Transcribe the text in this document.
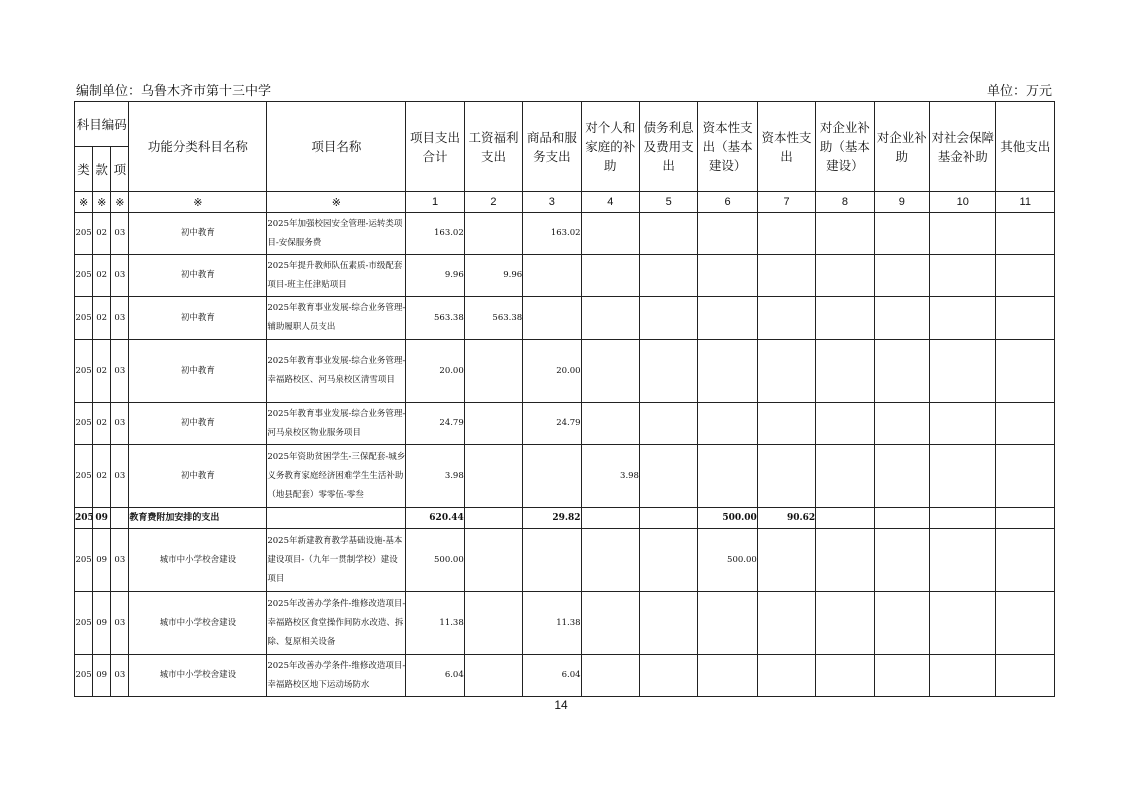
编制单位：乌鲁木齐市第十三中学	单位：万元
科目编码			功能分类科目名称	项目名称	项目支出合计	工资福利支出	商品和服务支出	对个人和家庭的补助	债务利息及费用支出	资本性支出（基本建设）	资本性支出	对企业补助（基本建设）	对企业补助	对社会保障基金补助	其他支出
类	款	项													
※	※	※	※	※	1	2	3	4	5	6	7	8	9	10	11
205	02	03	初中教育	2025年加强校园安全管理-运转类项目-安保服务费	163.02		163.02								
205	02	03	初中教育	2025年提升教师队伍素质-市级配套项目-班主任津贴项目	9.96	9.96									
205	02	03	初中教育	2025年教育事业发展-综合业务管理-辅助履职人员支出	563.38	563.38									
205	02	03	初中教育	2025年教育事业发展-综合业务管理-幸福路校区、河马泉校区清雪项目	20.00		20.00								
205	02	03	初中教育	2025年教育事业发展-综合业务管理-河马泉校区物业服务项目	24.79		24.79								
205	02	03	初中教育	2025年资助贫困学生-三保配套-城乡义务教育家庭经济困难学生生活补助（地县配套）零零伍-零叁	3.98			3.98							
205	09		教育费附加安排的支出		620.44		29.82			500.00	90.62				
205	09	03	城市中小学校舍建设	2025年新建教育教学基础设施-基本建设项目-（九年一贯制学校）建设项目	500.00					500.00					
205	09	03	城市中小学校舍建设	2025年改善办学条件-维修改造项目-幸福路校区食堂操作间防水改造、拆除、复原相关设备	11.38		11.38								
205	09	03	城市中小学校舍建设	2025年改善办学条件-维修改造项目-幸福路校区地下运动场防水	6.04		6.04								
14
